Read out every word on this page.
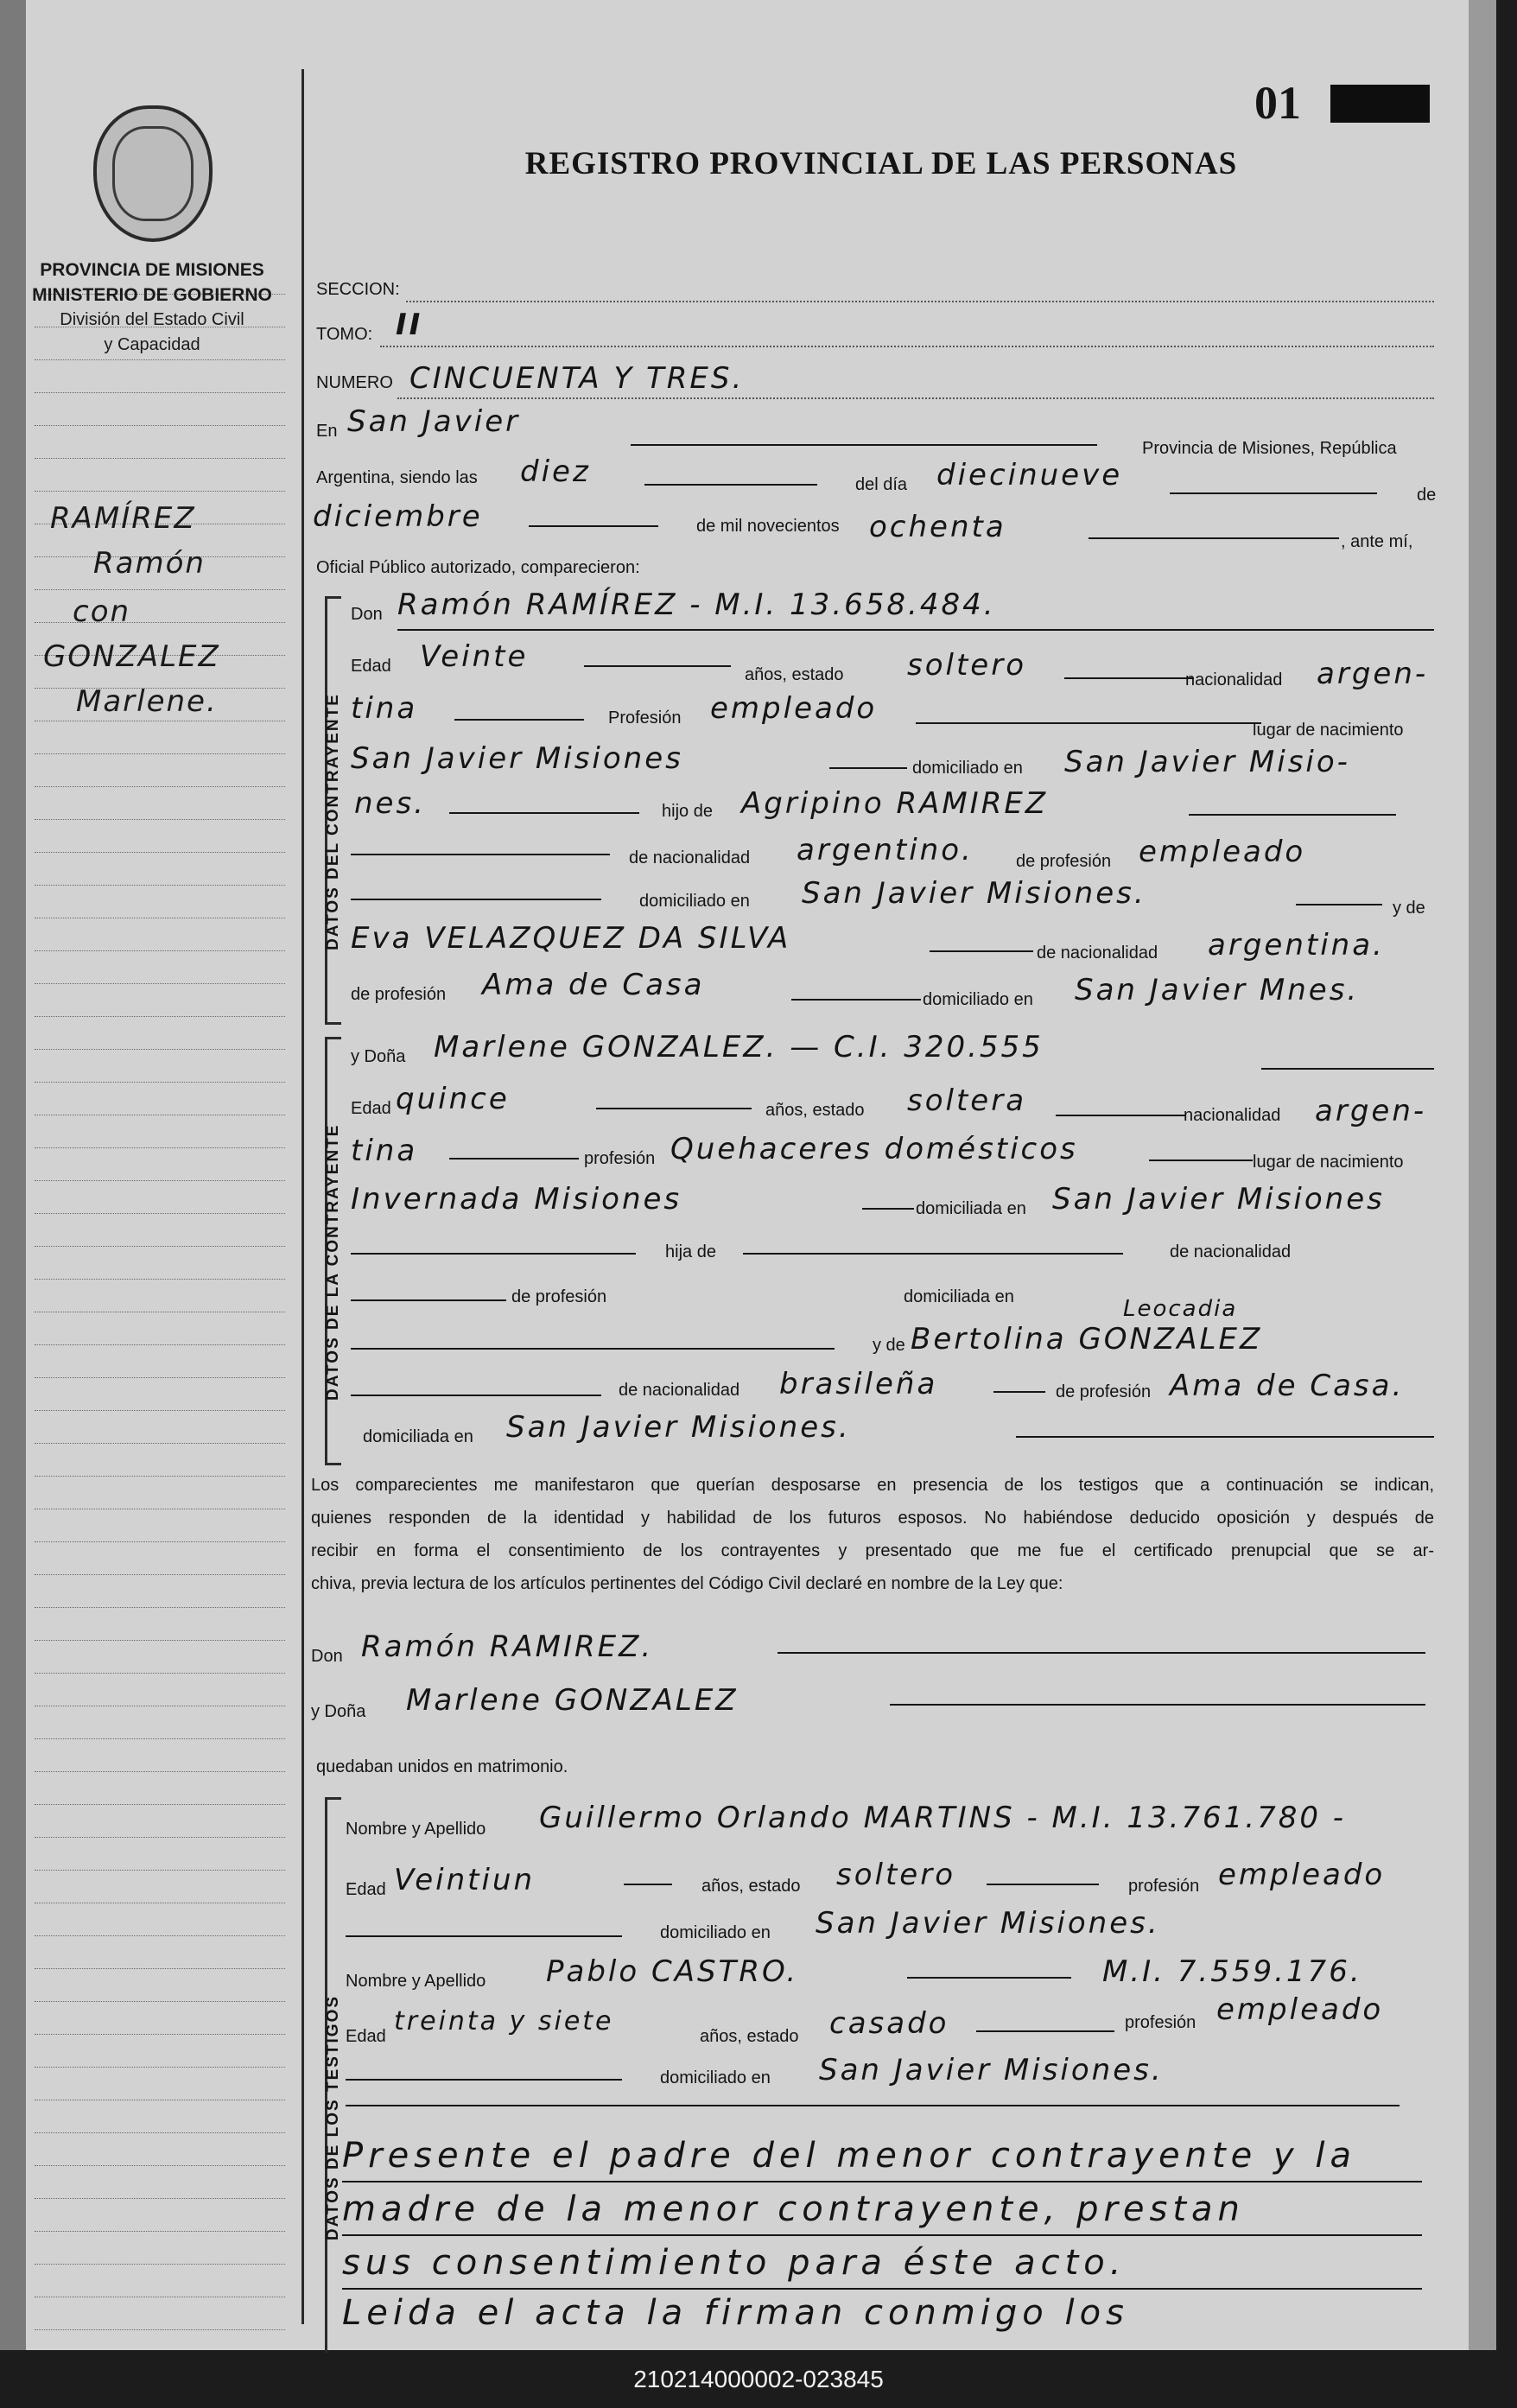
PROVINCIA DE MISIONES
MINISTERIO DE GOBIERNO
División del Estado Civil
y Capacidad
RAMÍREZ
Ramón
con
GONZALEZ
Marlene.
REGISTRO PROVINCIAL DE LAS PERSONAS
01
SECCION:
TOMO: II
NUMERO CINCUENTA Y TRES.
En San Javier
Provincia de Misiones, República
Argentina, siendo las diez	del día diecinueve
de
diciembre	de mil novecientos ochenta	, ante mí,
Oficial Público autorizado, comparecieron:
DATOS DEL CONTRAYENTE
Don Ramón RAMÍREZ - M.I. 13.658.484.
Edad Veinte
años, estado soltero	nacionalidad argen-
tina	Profesión empleado
lugar de nacimiento
San Javier Misiones	domiciliado en San Javier Misio-
nes.	hijo de Agripino RAMIREZ
de nacionalidad argentino. de profesión empleado
domiciliado en San Javier Misiones.	y de
Eva VELAZQUEZ DA SILVA	de nacionalidad argentina.
de profesión Ama de Casa	domiciliado en San Javier Mnes.
DATOS DE LA CONTRAYENTE
y Doña Marlene GONZALEZ. — C.I. 320.555
Edad quince	años, estado soltera	nacionalidad argen-
tina	profesión Quehaceres domésticos	lugar de nacimiento
Invernada Misiones	domiciliada en San Javier Misiones
hija de	de nacionalidad
de profesión	domiciliada en	Leocadia
y de Bertolina GONZALEZ
de nacionalidad brasileña	de profesión Ama de Casa.
domiciliada en San Javier Misiones.
Los comparecientes me manifestaron que querían desposarse en presencia de los testigos que a continuación se indican,
quienes responden de la identidad y habilidad de los futuros esposos. No habiéndose deducido oposición y después de
recibir en forma el consentimiento de los contrayentes y presentado que me fue el certificado prenupcial que se ar-
chiva, previa lectura de los artículos pertinentes del Código Civil declaré en nombre de la Ley que:
Don Ramón RAMIREZ.
y Doña Marlene GONZALEZ
quedaban unidos en matrimonio.
DATOS DE LOS TESTIGOS
Nombre y Apellido Guillermo Orlando MARTINS - M.I. 13.761.780 -
Edad Veintiun	años, estado soltero	profesión empleado
domiciliado en San Javier Misiones.
Nombre y Apellido Pablo CASTRO.	M.I. 7.559.176.
Edad treinta y siete	años, estado casado	profesión empleado
domiciliado en San Javier Misiones.
Presente el padre del menor contrayente y la
madre de la menor contrayente, prestan
sus consentimiento para éste acto.
Leida el acta la firman conmigo los
210214000002-023845
